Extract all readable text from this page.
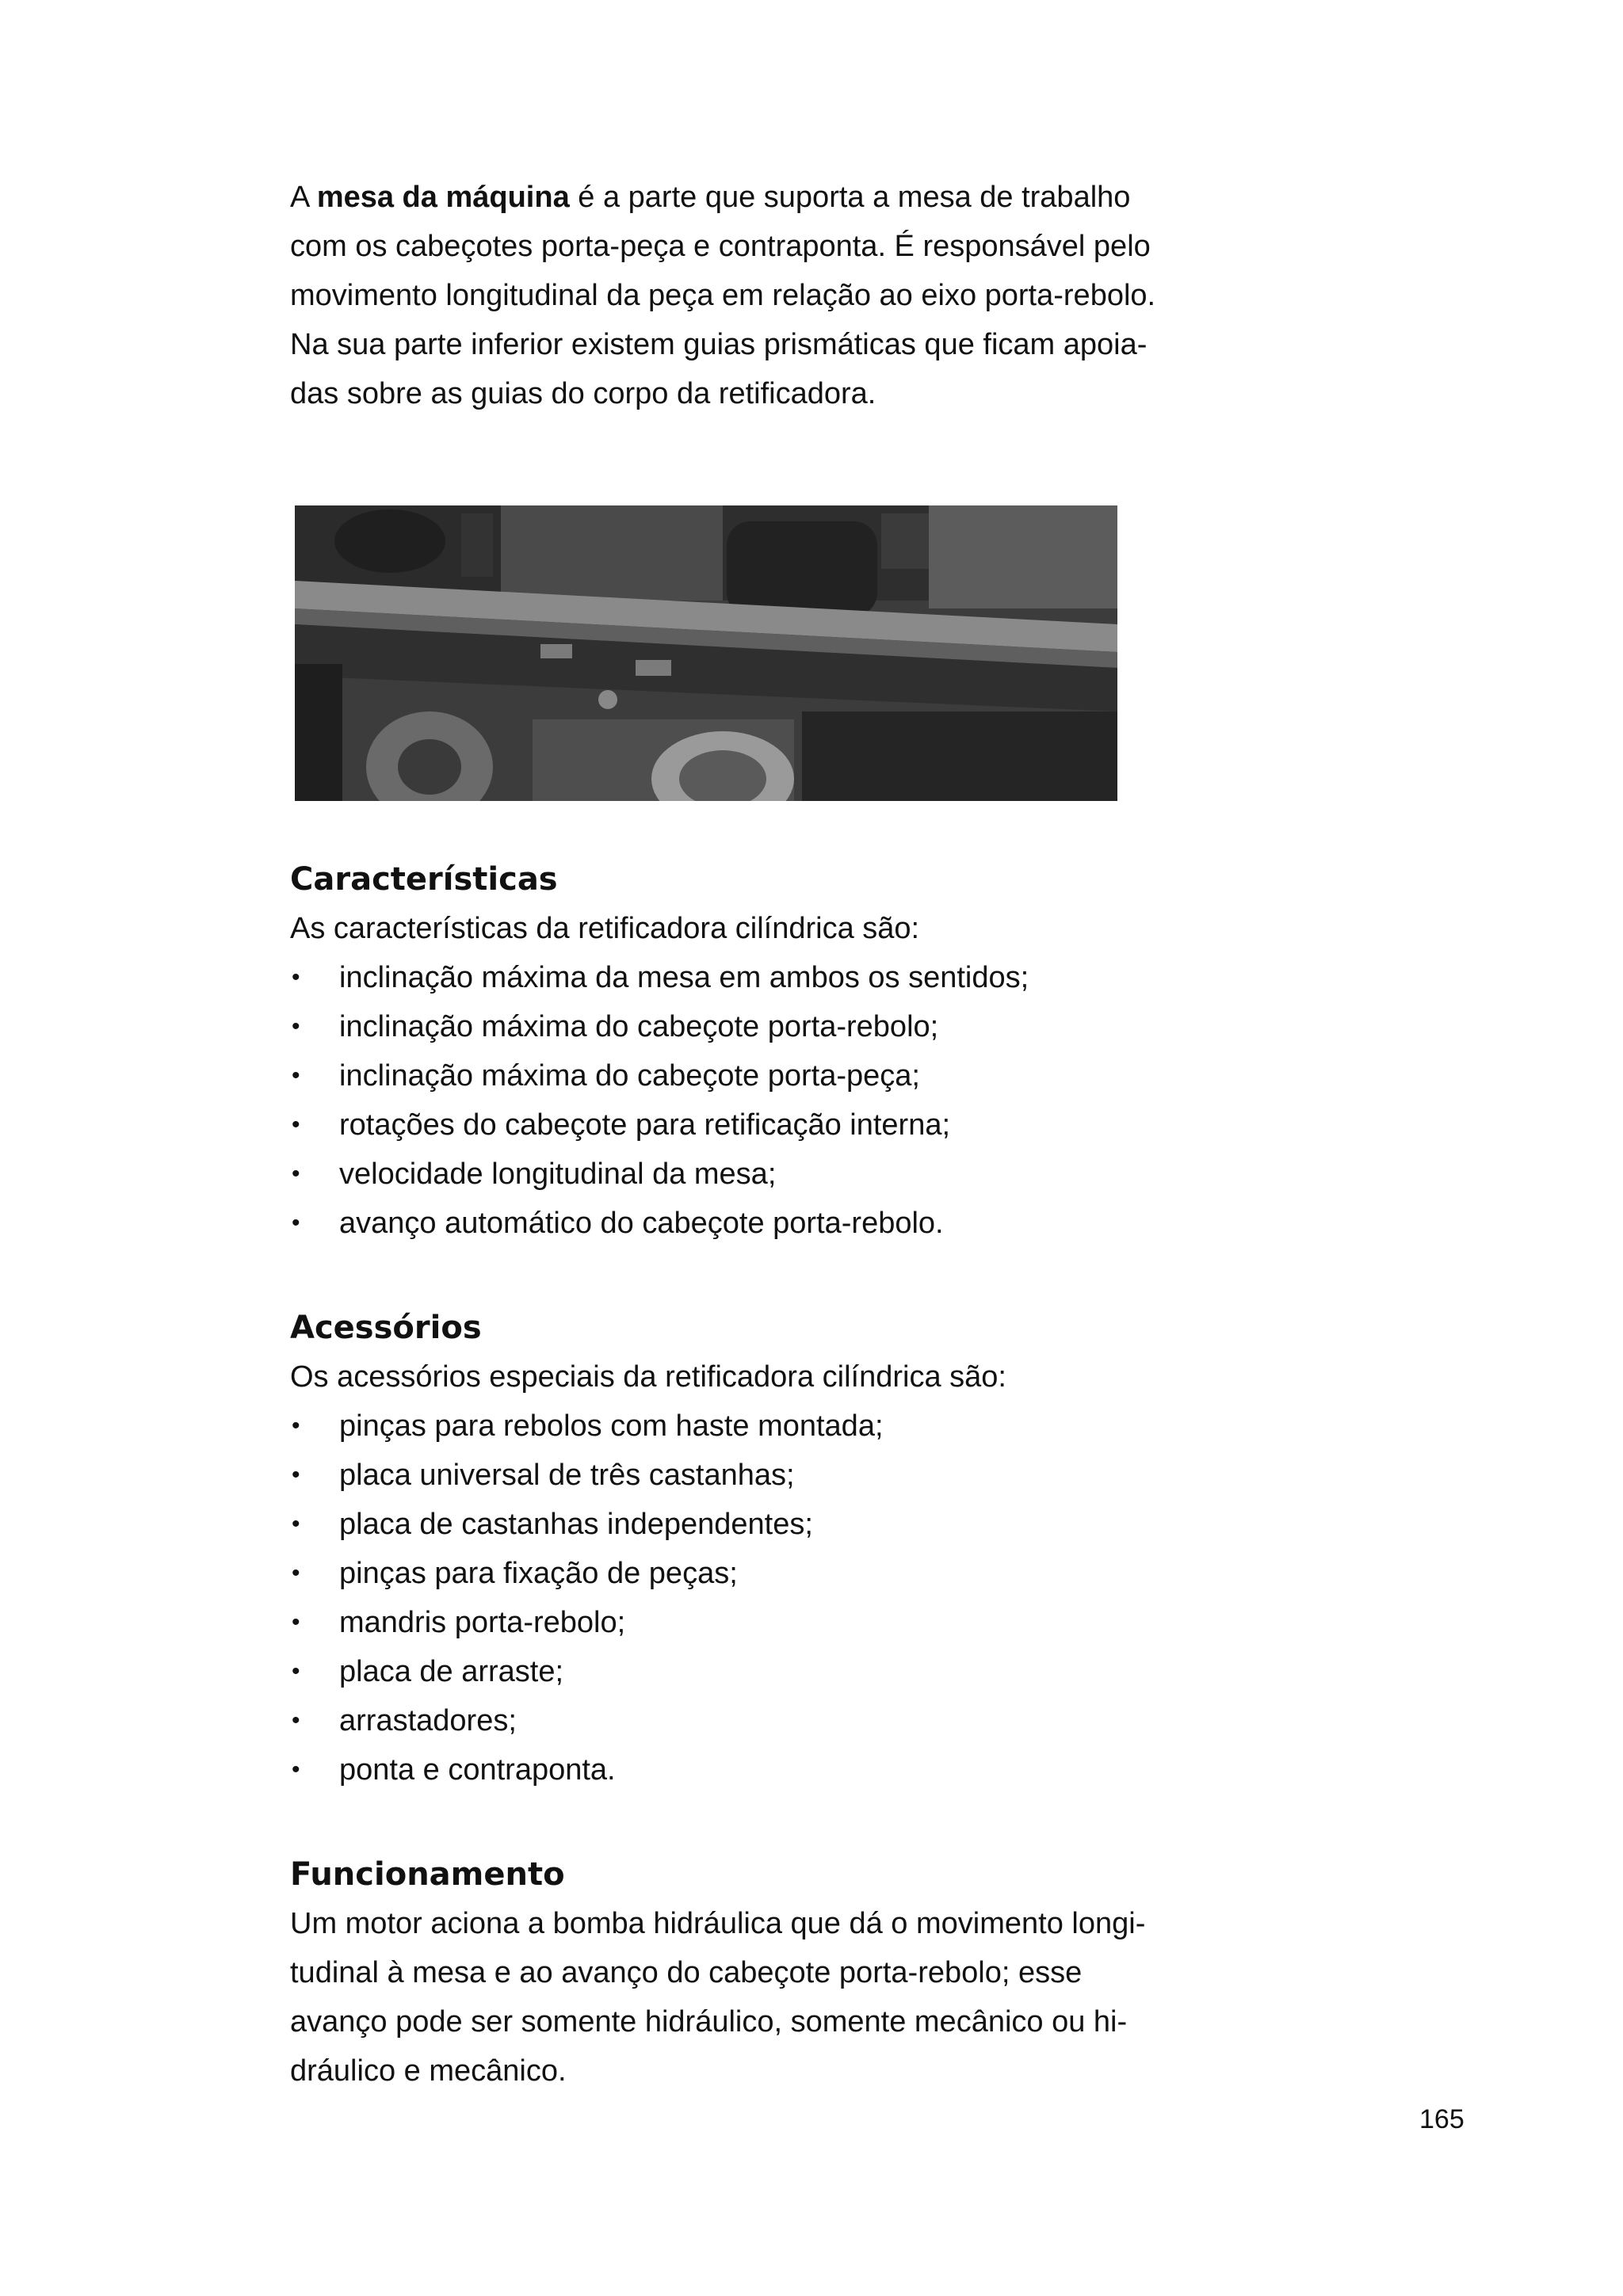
A mesa da máquina é a parte que suporta a mesa de trabalho
com os cabeçotes porta-peça e contraponta. É responsável pelo
movimento longitudinal da peça em relação ao eixo porta-rebolo.
Na sua parte inferior existem guias prismáticas que ficam apoia-
das sobre as guias do corpo da retificadora.

Características

As características da retificadora cilíndrica são:

• inclinação máxima da mesa em ambos os sentidos;
• inclinação máxima do cabeçote porta-rebolo;
• inclinação máxima do cabeçote porta-peça;
• rotações do cabeçote para retificação interna;
• velocidade longitudinal da mesa;
• avanço automático do cabeçote porta-rebolo.
Acessórios

Os acessórios especiais da retificadora cilíndrica são:

• pinças para rebolos com haste montada;
• placa universal de três castanhas;
• placa de castanhas independentes;
• pinças para fixação de peças;
• mandris porta-rebolo;
• placa de arraste;
• arrastadores;
• ponta e contraponta.
Funcionamento

Um motor aciona a bomba hidráulica que dá o movimento longi-
tudinal à mesa e ao avanço do cabeçote porta-rebolo; esse
avanço pode ser somente hidráulico, somente mecânico ou hi-
dráulico e mecânico.

165
